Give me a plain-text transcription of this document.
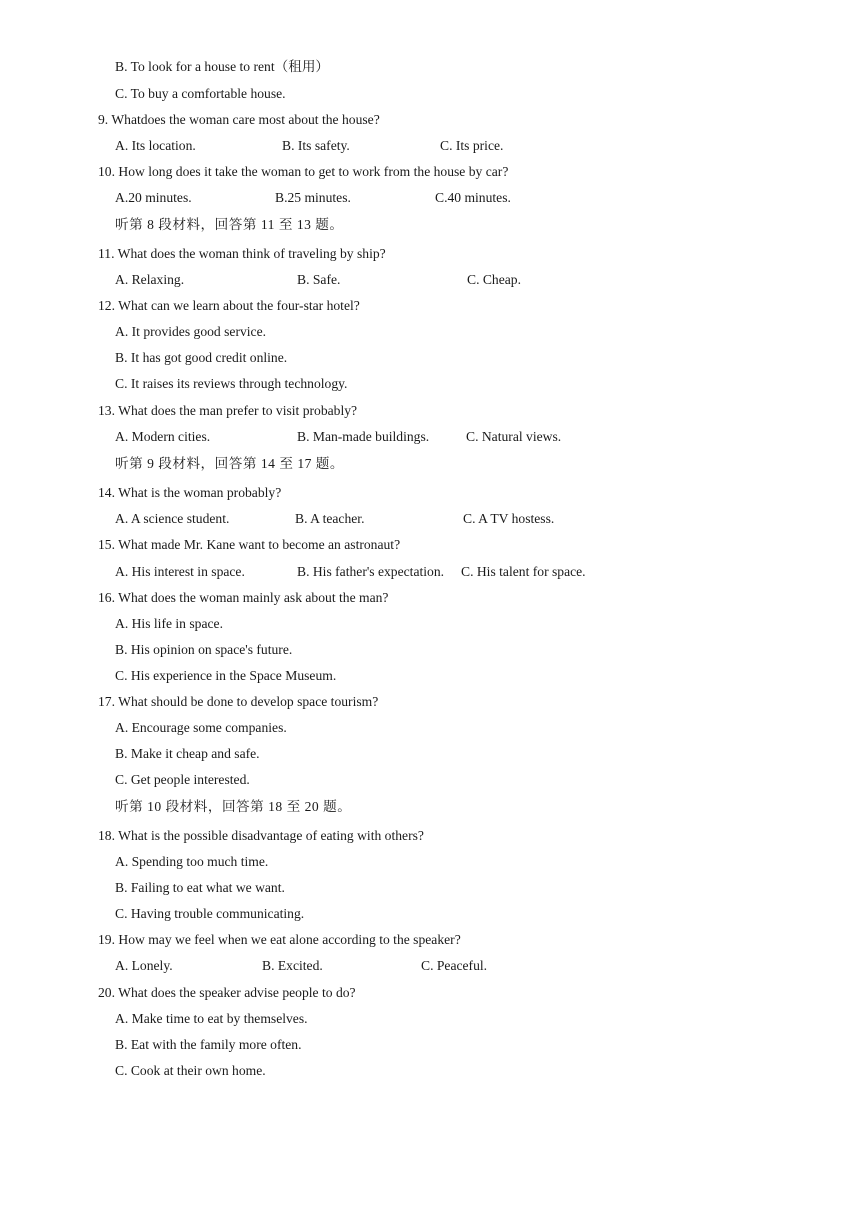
B. To look for a house to rent（租用）
C. To buy a comfortable house.
9. Whatdoes the woman care most about the house?
A. Its location.	B. Its safety.	C. Its price.
10. How long does it take the woman to get to work from the house by car?
A.20 minutes.	B.25 minutes.	C.40 minutes.
听第 8 段材料，回答第 11 至 13 题。
11. What does the woman think of traveling by ship?
A. Relaxing.	B. Safe.	C. Cheap.
12. What can we learn about the four-star hotel?
A. It provides good service.
B. It has got good credit online.
C. It raises its reviews through technology.
13. What does the man prefer to visit probably?
A. Modern cities.	B. Man-made buildings.	C. Natural views.
听第 9 段材料，回答第 14 至 17 题。
14. What is the woman probably?
A. A science student.	B. A teacher.	C. A TV hostess.
15. What made Mr. Kane want to become an astronaut?
A. His interest in space.	B. His father's expectation. C. His talent for space.
16. What does the woman mainly ask about the man?
A. His life in space.
B. His opinion on space's future.
C. His experience in the Space Museum.
17. What should be done to develop space tourism?
A. Encourage some companies.
B. Make it cheap and safe.
C. Get people interested.
听第 10 段材料，回答第 18 至 20 题。
18. What is the possible disadvantage of eating with others?
A. Spending too much time.
B. Failing to eat what we want.
C. Having trouble communicating.
19. How may we feel when we eat alone according to the speaker?
A. Lonely.	B. Excited.	C. Peaceful.
20. What does the speaker advise people to do?
A. Make time to eat by themselves.
B. Eat with the family more often.
C. Cook at their own home.
